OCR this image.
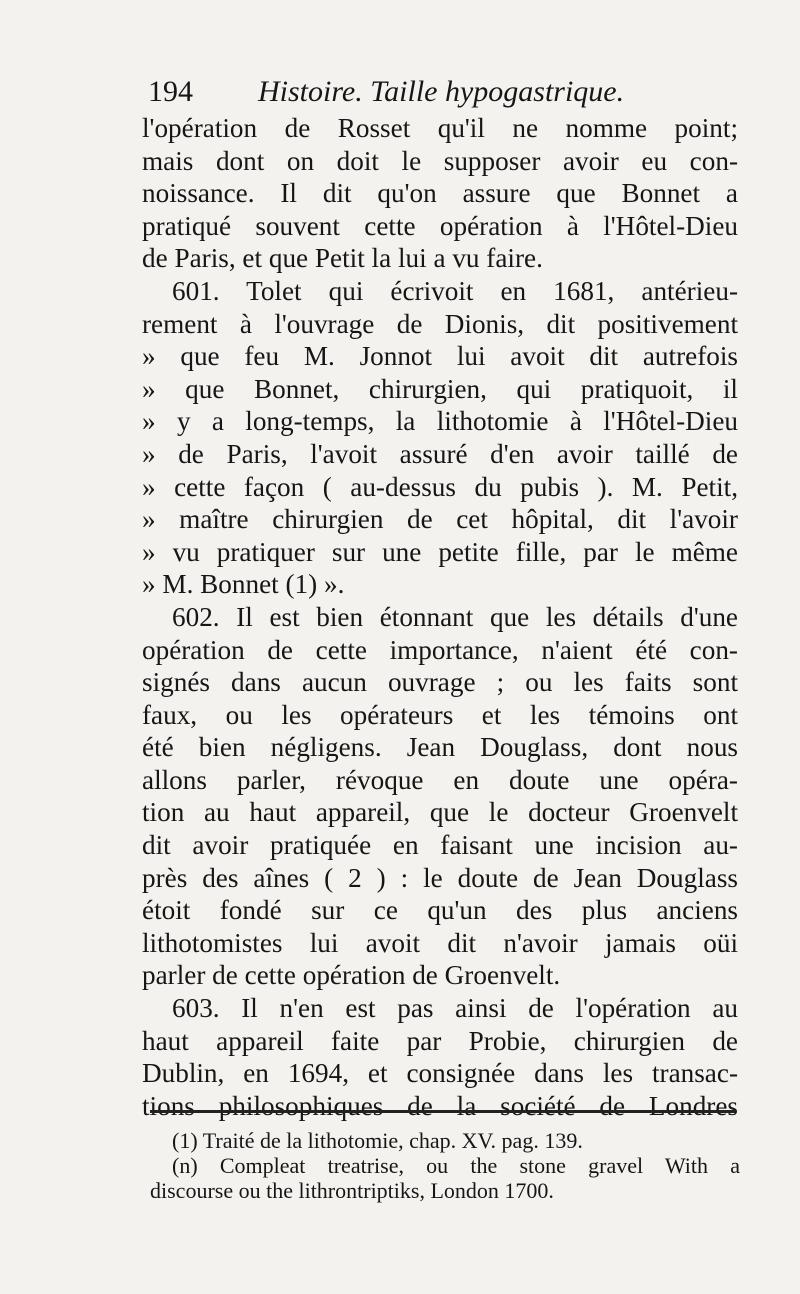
194 Histoire. Taille hypogastrique.
l'opération de Rosset qu'il ne nomme point;
mais dont on doit le supposer avoir eu con-
noissance. Il dit qu'on assure que Bonnet a
pratiqué souvent cette opération à l'Hôtel-Dieu
de Paris, et que Petit la lui a vu faire.
601. Tolet qui écrivoit en 1681, antérieu-
rement à l'ouvrage de Dionis, dit positivement
» que feu M. Jonnot lui avoit dit autrefois
» que Bonnet, chirurgien, qui pratiquoit, il
» y a long-temps, la lithotomie à l'Hôtel-Dieu
» de Paris, l'avoit assuré d'en avoir taillé de
» cette façon ( au-dessus du pubis ). M. Petit,
» maître chirurgien de cet hôpital, dit l'avoir
» vu pratiquer sur une petite fille, par le même
» M. Bonnet (1) ».
602. Il est bien étonnant que les détails d'une
opération de cette importance, n'aient été con-
signés dans aucun ouvrage ; ou les faits sont
faux, ou les opérateurs et les témoins ont
été bien négligens. Jean Douglass, dont nous
allons parler, révoque en doute une opéra-
tion au haut appareil, que le docteur Groenvelt
dit avoir pratiquée en faisant une incision au-
près des aînes ( 2 ) : le doute de Jean Douglass
étoit fondé sur ce qu'un des plus anciens
lithotomistes lui avoit dit n'avoir jamais oüi
parler de cette opération de Groenvelt.
603. Il n'en est pas ainsi de l'opération au
haut appareil faite par Probie, chirurgien de
Dublin, en 1694, et consignée dans les transac-
tions philosophiques de la société de Londres
(1) Traité de la lithotomie, chap. XV. pag. 139.
(n) Compleat treatrise, ou the stone gravel With a
discourse ou the lithrontriptiks, London 1700.
